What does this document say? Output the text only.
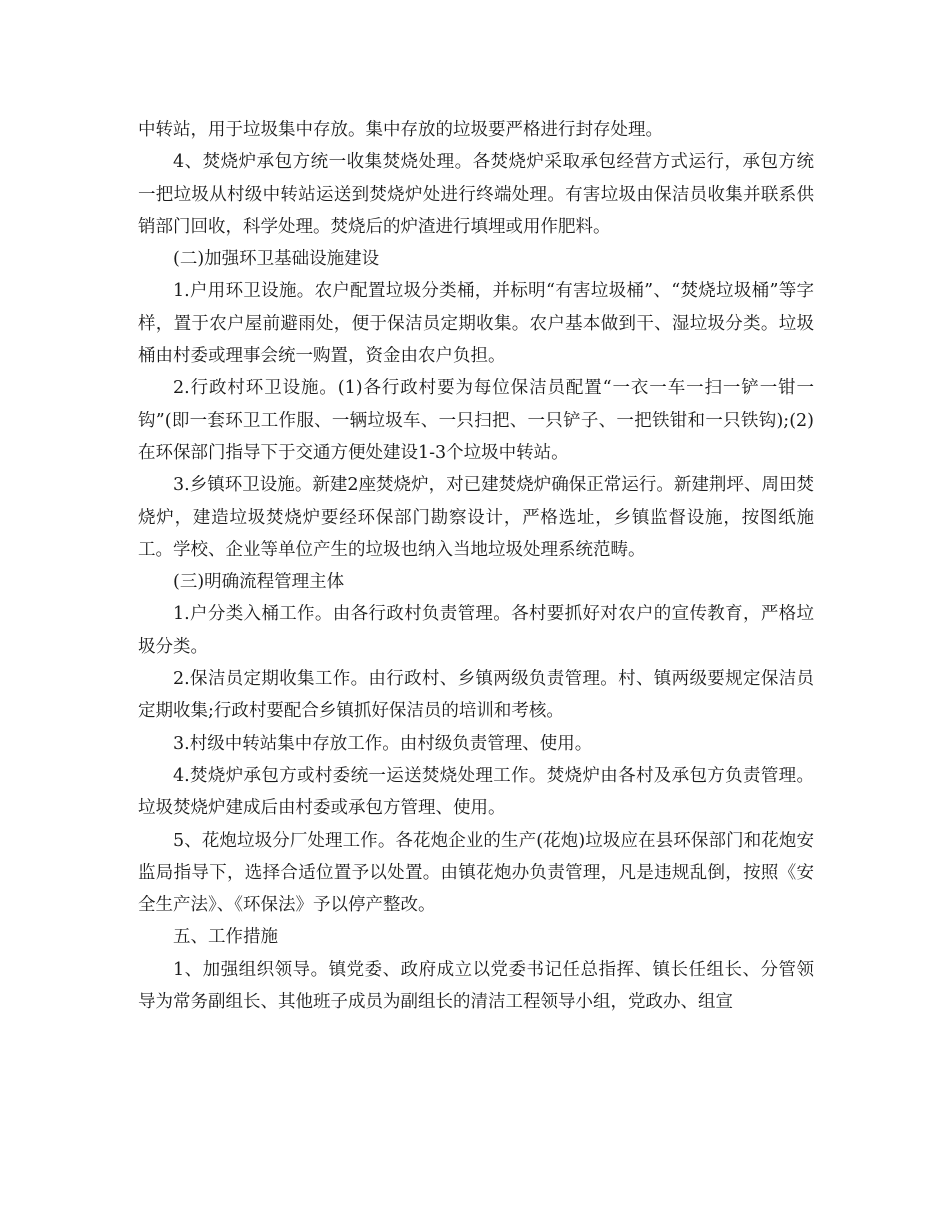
中转站，用于垃圾集中存放。集中存放的垃圾要严格进行封存处理。

4、焚烧炉承包方统一收集焚烧处理。各焚烧炉采取承包经营方式运行，承包方统一把垃圾从村级中转站运送到焚烧炉处进行终端处理。有害垃圾由保洁员收集并联系供销部门回收，科学处理。焚烧后的炉渣进行填埋或用作肥料。

(二)加强环卫基础设施建设

1.户用环卫设施。农户配置垃圾分类桶，并标明“有害垃圾桶”、“焚烧垃圾桶”等字样，置于农户屋前避雨处，便于保洁员定期收集。农户基本做到干、湿垃圾分类。垃圾桶由村委或理事会统一购置，资金由农户负担。

2.行政村环卫设施。(1)各行政村要为每位保洁员配置“一衣一车一扫一铲一钳一钩”(即一套环卫工作服、一辆垃圾车、一只扫把、一只铲子、一把铁钳和一只铁钩);(2)在环保部门指导下于交通方便处建设1-3个垃圾中转站。

3.乡镇环卫设施。新建2座焚烧炉，对已建焚烧炉确保正常运行。新建荆坪、周田焚烧炉，建造垃圾焚烧炉要经环保部门勘察设计，严格选址，乡镇监督设施，按图纸施工。学校、企业等单位产生的垃圾也纳入当地垃圾处理系统范畴。

(三)明确流程管理主体

1.户分类入桶工作。由各行政村负责管理。各村要抓好对农户的宣传教育，严格垃圾分类。

2.保洁员定期收集工作。由行政村、乡镇两级负责管理。村、镇两级要规定保洁员定期收集;行政村要配合乡镇抓好保洁员的培训和考核。

3.村级中转站集中存放工作。由村级负责管理、使用。

4.焚烧炉承包方或村委统一运送焚烧处理工作。焚烧炉由各村及承包方负责管理。垃圾焚烧炉建成后由村委或承包方管理、使用。

5、花炮垃圾分厂处理工作。各花炮企业的生产(花炮)垃圾应在县环保部门和花炮安监局指导下，选择合适位置予以处置。由镇花炮办负责管理，凡是违规乱倒，按照《安全生产法》、《环保法》予以停产整改。

五、工作措施

1、加强组织领导。镇党委、政府成立以党委书记任总指挥、镇长任组长、分管领导为常务副组长、其他班子成员为副组长的清洁工程领导小组，党政办、组宣
